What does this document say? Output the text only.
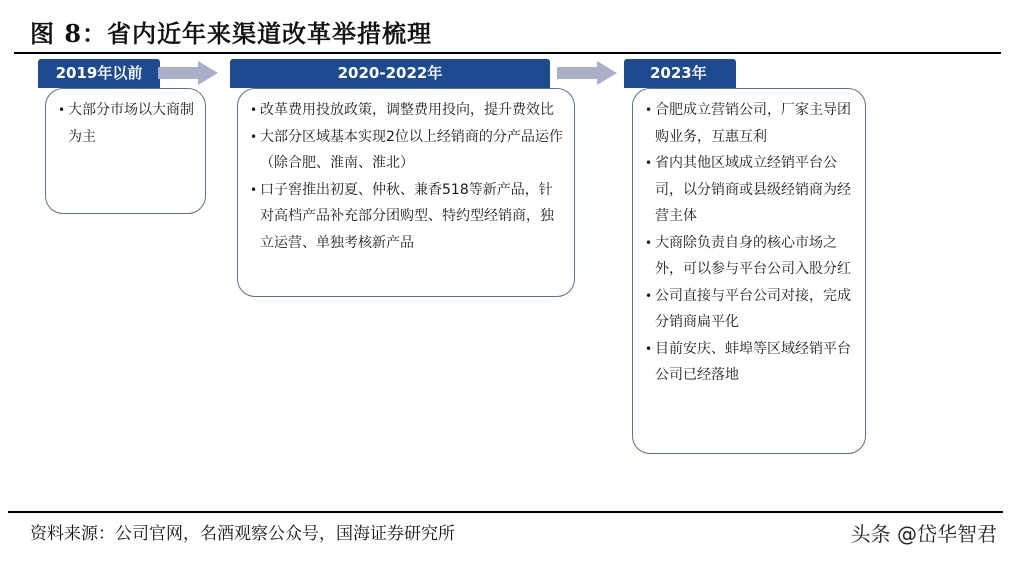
图 8：省内近年来渠道改革举措梳理
2019年以前
• 大部分市场以大商制为主
2020-2022年
• 改革费用投放政策，调整费用投向，提升费效比
• 大部分区域基本实现2位以上经销商的分产品运作（除合肥、淮南、淮北）
• 口子窖推出初夏、仲秋、兼香518等新产品，针对高档产品补充部分团购型、特约型经销商，独立运营、单独考核新产品
2023年
• 合肥成立营销公司，厂家主导团购业务，互惠互利
• 省内其他区域成立经销平台公司，以分销商或县级经销商为经营主体
• 大商除负责自身的核心市场之外，可以参与平台公司入股分红
• 公司直接与平台公司对接，完成分销商扁平化
• 目前安庆、蚌埠等区域经销平台公司已经落地
资料来源：公司官网，名酒观察公众号，国海证券研究所	头条 @岱华智君
